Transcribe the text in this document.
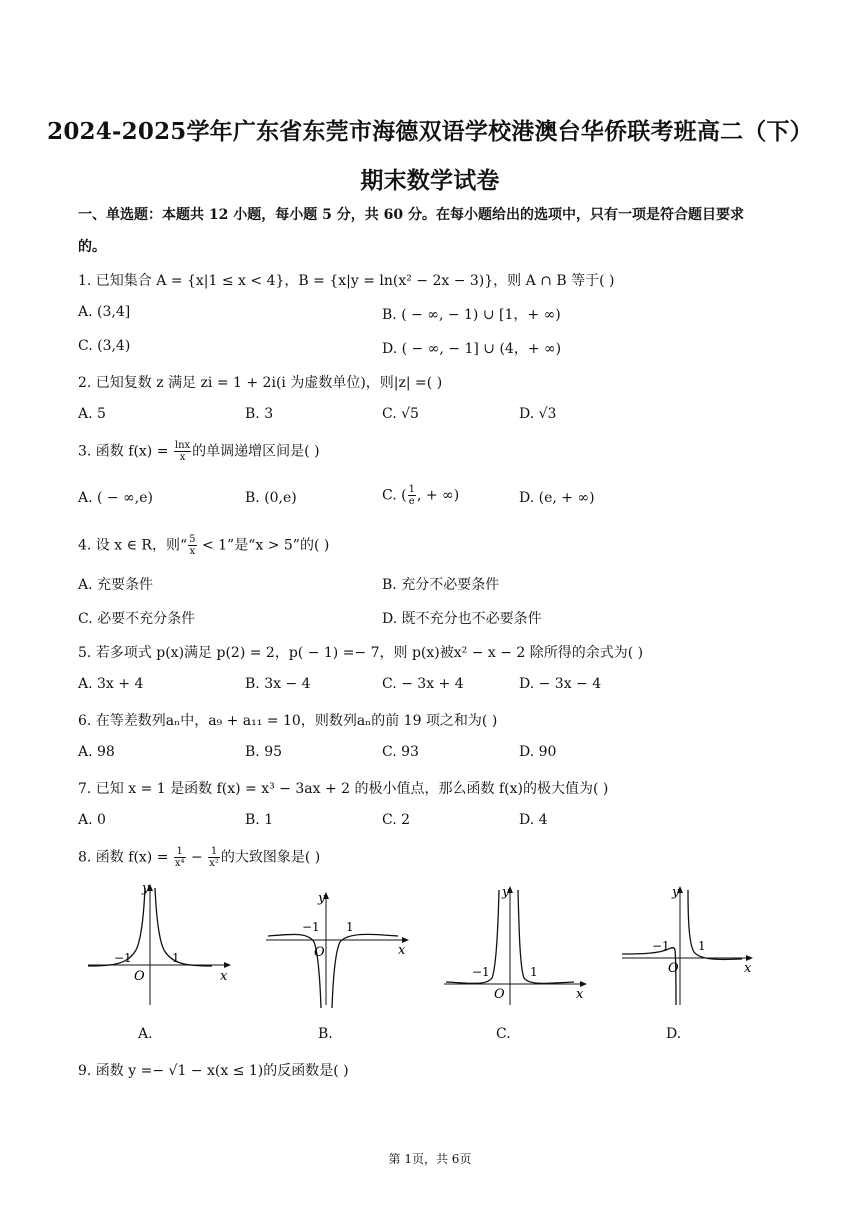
2024-2025学年广东省东莞市海德双语学校港澳台华侨联考班高二（下）
期末数学试卷
一、单选题：本题共 12 小题，每小题 5 分，共 60 分。在每小题给出的选项中，只有一项是符合题目要求
的。
1. 已知集合 A = {x|1 ≤ x < 4}，B = {x|y = ln(x² − 2x − 3)}，则 A ∩ B 等于( )
A. (3,4]	B. ( − ∞, − 1) ∪ [1，+ ∞)
C. (3,4)	D. ( − ∞, − 1] ∪ (4，+ ∞)
2. 已知复数 z 满足 zi = 1 + 2i(i 为虚数单位)，则|z| =( )
A. 5	B. 3	C. √5	D. √3
3. 函数 $f(x) = \frac{\ln x}{x}$ 的单调递增区间是( )
A. ( − ∞,e)	B. (0,e)	C. ( $\frac{1}{e}$ , + ∞)	D. (e, + ∞)
4. 设 x ∈ R，则“ $\frac{5}{x} < 1$”是“x > 5”的( )
A. 充要条件	B. 充分不必要条件
C. 必要不充分条件	D. 既不充分也不必要条件
5. 若多项式 p(x)满足 p(2) = 2，p( − 1) =− 7，则 p(x)被x² − x − 2 除所得的余式为( )
A. 3x + 4	B. 3x − 4	C. − 3x + 4	D. − 3x − 4
6. 在等差数列aₙ中，a₉ + a₁₁ = 10，则数列aₙ的前 19 项之和为( )
A. 98	B. 95	C. 93	D. 90
7. 已知 x = 1 是函数 f(x) = x³ − 3ax + 2 的极小值点，那么函数 f(x)的极大值为( )
A. 0	B. 1	C. 2	D. 4
8. 函数 $f(x) = \frac{1}{\text{x⁴}} - \frac{1}{\text{x²}}$ 的大致图象是( )
y
x
O
−1	1
y
x
O
−1 1
y
x
O
−1	1
y
x
O
−1 1
A.	B.	C.	D.
9. 函数 y =− √1 − x(x ≤ 1)的反函数是( )
第 1页，共 6页
